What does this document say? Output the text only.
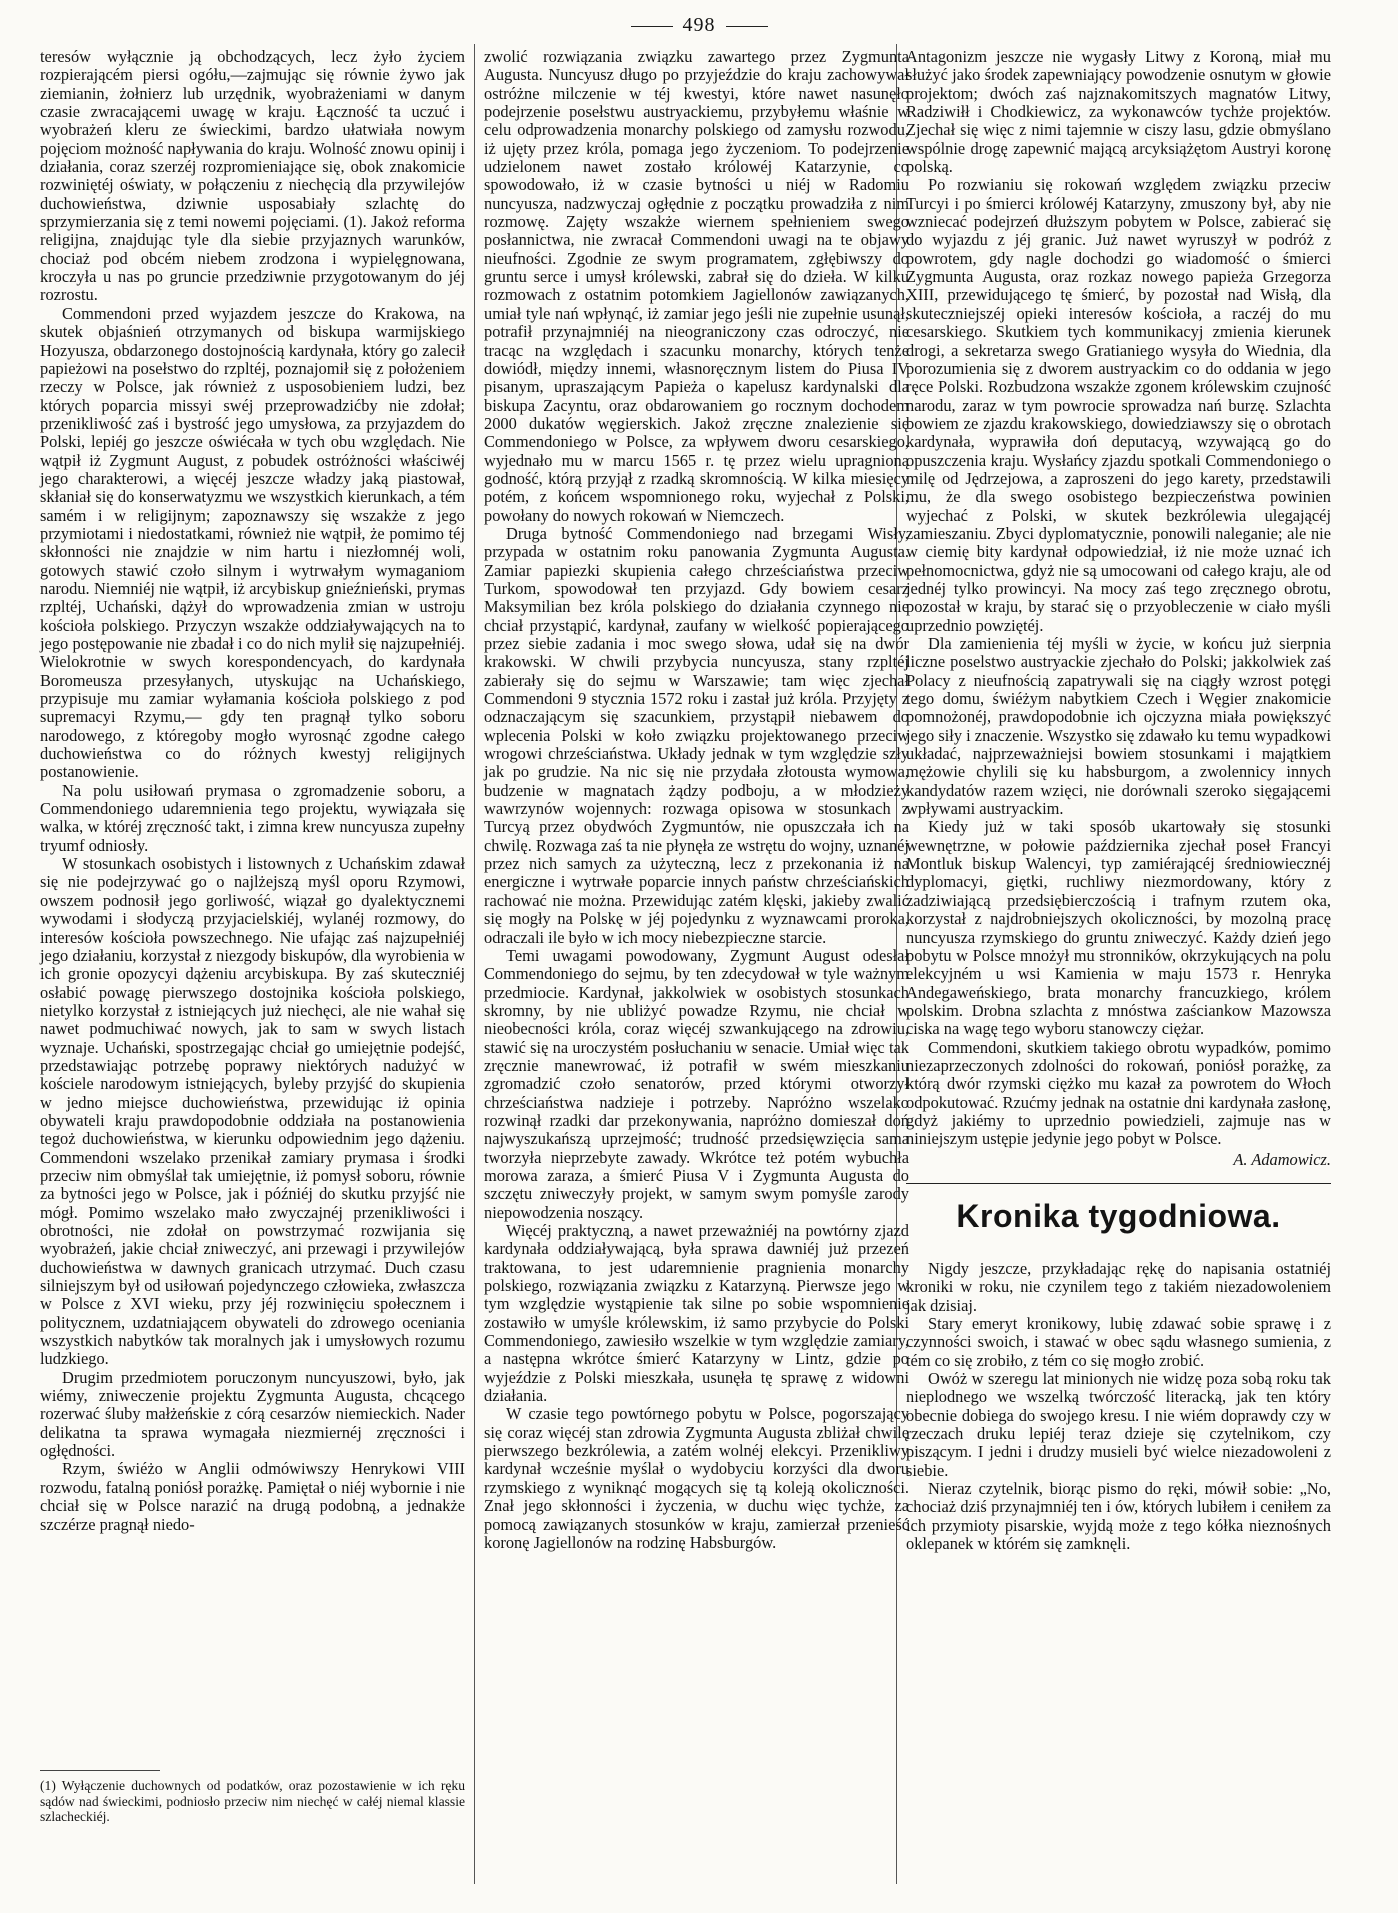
498

teresów wyłącznie ją obchodzących, lecz żyło życiem rozpierającém piersi ogółu,—zajmując się równie żywo jak ziemianin, żołnierz lub urzędnik, wyobrażeniami w danym czasie zwracającemi uwagę w kraju. Łączność ta uczuć i wyobrażeń kleru ze świeckimi, bardzo ułatwiała nowym pojęciom możność napływania do kraju. Wolność znowu opinij i działania, coraz szerzéj rozpromieniające się, obok znakomicie rozwiniętéj oświaty, w połączeniu z niechęcią dla przywilejów duchowieństwa, dziwnie usposabiały szlachtę do sprzymierzania się z temi nowemi pojęciami. (1). Jakoż reforma religijna, znajdując tyle dla siebie przyjaznych warunków, chociaż pod obcém niebem zrodzona i wypielęgnowana, kroczyła u nas po gruncie przedziwnie przygotowanym do jéj rozrostu.

Commendoni przed wyjazdem jeszcze do Krakowa, na skutek objaśnień otrzymanych od biskupa warmijskiego Hozyusza, obdarzonego dostojnością kardynała, który go zalecił papieżowi na posełstwo do rzpltéj, poznajomił się z położeniem rzeczy w Polsce, jak również z usposobieniem ludzi, bez których poparcia missyi swéj przeprowadzićby nie zdołał; przenikliwość zaś i bystrość jego umysłowa, za przyjazdem do Polski, lepiéj go jeszcze oświécała w tych obu względach. Nie wątpił iż Zygmunt August, z pobudek ostróżności właściwéj jego charakterowi, a więcéj jeszcze władzy jaką piastował, skłaniał się do konserwatyzmu we wszystkich kierunkach, a tém samém i w religijnym; zapoznawszy się wszakże z jego przymiotami i niedostatkami, również nie wątpił, że pomimo téj skłonności nie znajdzie w nim hartu i niezłomnéj woli, gotowych stawić czoło silnym i wytrwałym wymaganiom narodu. Niemniéj nie wątpił, iż arcybiskup gnieźnieński, prymas rzpltéj, Uchański, dążył do wprowadzenia zmian w ustroju kościoła polskiego. Przyczyn wszakże oddziaływających na to jego postępowanie nie zbadał i co do nich mylił się najzupełniéj. Wielokrotnie w swych korespondencyach, do kardynała Boromeusza przesyłanych, utyskując na Uchańskiego, przypisuje mu zamiar wyłamania kościoła polskiego z pod supremacyi Rzymu,— gdy ten pragnął tylko soboru narodowego, z któregoby mogło wyrosnąć zgodne całego duchowieństwa co do różnych kwestyj religijnych postanowienie.

Na polu usiłowań prymasa o zgromadzenie soboru, a Commendoniego udaremnienia tego projektu, wywiązała się walka, w któréj zręczność takt, i zimna krew nuncyusza zupełny tryumf odniosły.

W stosunkach osobistych i listownych z Uchańskim zdawał się nie podejrzywać go o najlżejszą myśl oporu Rzymowi, owszem podnosił jego gorliwość, wiązał go dyalektycznemi wywodami i słodyczą przyjacielskiéj, wylanéj rozmowy, do interesów kościoła powszechnego. Nie ufając zaś najzupełniéj jego działaniu, korzystał z niezgody biskupów, dla wyrobienia w ich gronie opozycyi dążeniu arcybiskupa. By zaś skuteczniéj osłabić powagę pierwszego dostojnika kościoła polskiego, nietylko korzystał z istniejących już niechęci, ale nie wahał się nawet podmuchiwać nowych, jak to sam w swych listach wyznaje. Uchański, spostrzegając chciał go umiejętnie podejść, przedstawiając potrzebę poprawy niektórych nadużyć w kościele narodowym istniejących, byleby przyjść do skupienia w jedno miejsce duchowieństwa, przewidując iż opinia obywateli kraju prawdopodobnie oddziała na postanowienia tegoż duchowieństwa, w kierunku odpowiednim jego dążeniu. Commendoni wszelako przenikał zamiary prymasa i środki przeciw nim obmyślał tak umiejętnie, iż pomysł soboru, równie za bytności jego w Polsce, jak i późniéj do skutku przyjść nie mógł. Pomimo wszelako mało zwyczajnéj przenikliwości i obrotności, nie zdołał on powstrzymać rozwijania się wyobrażeń, jakie chciał zniweczyć, ani przewagi i przywilejów duchowieństwa w dawnych granicach utrzymać. Duch czasu silniejszym był od usiłowań pojedynczego człowieka, zwłaszcza w Polsce z XVI wieku, przy jéj rozwinięciu społecznem i politycznem, uzdatniającem obywateli do zdrowego oceniania wszystkich nabytków tak moralnych jak i umysłowych rozumu ludzkiego.

Drugim przedmiotem poruczonym nuncyuszowi, było, jak wiémy, zniweczenie projektu Zygmunta Augusta, chcącego rozerwać śluby małżeńskie z córą cesarzów niemieckich. Nader delikatna ta sprawa wymagała niezmiernéj zręczności i ogłędności.

Rzym, świéżo w Anglii odmówiwszy Henrykowi VIII rozwodu, fatalną poniósł porażkę. Pamiętał o niéj wybornie i nie chciał się w Polsce narazić na drugą podobną, a jednakże szczérze pragnął niedo-

(1) Wyłączenie duchownych od podatków, oraz pozostawienie w ich ręku sądów nad świeckimi, podniosło przeciw nim niechęć w całéj niemal klassie szlacheckiéj.

zwolić rozwiązania związku zawartego przez Zygmunta Augusta. Nuncyusz długo po przyjeździe do kraju zachowywał ostróżne milczenie w téj kwestyi, które nawet nasunęło podejrzenie posełstwu austryackiemu, przybyłemu właśnie w celu odprowadzenia monarchy polskiego od zamysłu rozwodu, iż ujęty przez króla, pomaga jego życzeniom. To podejrzenie udzielonem nawet zostało królowéj Katarzynie, co spowodowało, iż w czasie bytności u niéj w Radomiu nuncyusza, nadzwyczaj ogłędnie z początku prowadziła z nim rozmowę. Zajęty wszakże wiernem spełnieniem swego posłannictwa, nie zwracał Commendoni uwagi na te objawy nieufności. Zgodnie ze swym programatem, zgłębiwszy do gruntu serce i umysł królewski, zabrał się do dzieła. W kilku rozmowach z ostatnim potomkiem Jagiellonów zawiązanych, umiał tyle nań wpłynąć, iż zamiar jego jeśli nie zupełnie usunął, potrafił przynajmniéj na nieograniczony czas odroczyć, nie tracąc na względach i szacunku monarchy, których tenże dowiódł, między innemi, własnoręcznym listem do Piusa IV pisanym, upraszającym Papieża o kapelusz kardynalski dla biskupa Zacyntu, oraz obdarowaniem go rocznym dochodem 2000 dukatów węgierskich. Jakoż zręczne znalezienie się Commendoniego w Polsce, za wpływem dworu cesarskiego, wyjednało mu w marcu 1565 r. tę przez wielu upragnioną godność, którą przyjął z rzadką skromnością. W kilka miesięcy potém, z końcem wspomnionego roku, wyjechał z Polski, powołany do nowych rokowań w Niemczech.

Druga bytność Commendoniego nad brzegami Wisły, przypada w ostatnim roku panowania Zygmunta Augusta. Zamiar papiezki skupienia całego chrześciaństwa przeciw Turkom, spowodował ten przyjazd. Gdy bowiem cesarz Maksymilian bez króla polskiego do działania czynnego nie chciał przystąpić, kardynał, zaufany w wielkość popierającego przez siebie zadania i moc swego słowa, udał się na dwór krakowski. W chwili przybycia nuncyusza, stany rzpltéj zabierały się do sejmu w Warszawie; tam więc zjechał Commendoni 9 stycznia 1572 roku i zastał już króla. Przyjęty z odznaczającym się szacunkiem, przystąpił niebawem do wplecenia Polski w koło związku projektowanego przeciw wrogowi chrześciaństwa. Układy jednak w tym względzie szły jak po grudzie. Na nic się nie przydała złotousta wymowa, budzenie w magnatach żądzy podboju, a w młodzieży wawrzynów wojennych: rozwaga opisowa w stosunkach z Turcyą przez obydwóch Zygmuntów, nie opuszczała ich na chwilę. Rozwaga zaś ta nie płynęła ze wstrętu do wojny, uznanéj przez nich samych za użyteczną, lecz z przekonania iż na energiczne i wytrwałe poparcie innych państw chrześciańskich rachować nie można. Przewidując zatém klęski, jakieby zwalić się mogły na Polskę w jéj pojedynku z wyznawcami proroka, odraczali ile było w ich mocy niebezpieczne starcie.

Temi uwagami powodowany, Zygmunt August odesłał Commendoniego do sejmu, by ten zdecydował w tyle ważnym przedmiocie. Kardynał, jakkolwiek w osobistych stosunkach skromny, by nie ubliżyć powadze Rzymu, nie chciał w nieobecności króla, coraz więcéj szwankującego na zdrowiu, stawić się na uroczystém posłuchaniu w senacie. Umiał więc tak zręcznie manewrować, iż potrafił w swém mieszkaniu zgromadzić czoło senatorów, przed którymi otworzył chrześciaństwa nadzieje i potrzeby. Napróżno wszelako rozwinął rzadki dar przekonywania, napróżno domieszał doń najwyszukańszą uprzejmość; trudność przedsięwzięcia sama tworzyła nieprzebyte zawady. Wkrótce też potém wybuchła morowa zaraza, a śmierć Piusa V i Zygmunta Augusta do szczętu zniweczyły projekt, w samym swym pomyśle zarody niepowodzenia noszący.

Więcéj praktyczną, a nawet przeważniéj na powtórny zjazd kardynała oddziaływającą, była sprawa dawniéj już przezeń traktowana, to jest udaremnienie pragnienia monarchy polskiego, rozwiązania związku z Katarzyną. Pierwsze jego w tym względzie wystąpienie tak silne po sobie wspomnienie zostawiło w umyśle królewskim, iż samo przybycie do Polski Commendoniego, zawiesiło wszelkie w tym względzie zamiary, a następna wkrótce śmierć Katarzyny w Lintz, gdzie po wyjeździe z Polski mieszkała, usunęła tę sprawę z widowni działania.

W czasie tego powtórnego pobytu w Polsce, pogorszający się coraz więcéj stan zdrowia Zygmunta Augusta zbliżał chwilę pierwszego bezkrólewia, a zatém wolnéj elekcyi. Przenikliwy kardynał wcześnie myślał o wydobyciu korzyści dla dworu rzymskiego z wyniknąć mogących się tą koleją okoliczności. Znał jego skłonności i życzenia, w duchu więc tychże, za pomocą zawiązanych stosunków w kraju, zamierzał przenieść koronę Jagiellonów na rodzinę Habsburgów.

Antagonizm jeszcze nie wygasły Litwy z Koroną, miał mu służyć jako środek zapewniający powodzenie osnutym w głowie projektom; dwóch zaś najznakomitszych magnatów Litwy, Radziwiłł i Chodkiewicz, za wykonawców tychże projektów. Zjechał się więc z nimi tajemnie w ciszy lasu, gdzie obmyślano wspólnie drogę zapewnić mającą arcyksiążętom Austryi koronę polską.

Po rozwianiu się rokowań względem związku przeciw Turcyi i po śmierci królowéj Katarzyny, zmuszony był, aby nie wzniecać podejrzeń dłuższym pobytem w Polsce, zabierać się do wyjazdu z jéj granic. Już nawet wyruszył w podróż z powrotem, gdy nagle dochodzi go wiadomość o śmierci Zygmunta Augusta, oraz rozkaz nowego papieża Grzegorza XIII, przewidującego tę śmierć, by pozostał nad Wisłą, dla skuteczniejszéj opieki interesów kościoła, a raczéj do mu cesarskiego. Skutkiem tych kommunikacyj zmienia kierunek drogi, a sekretarza swego Gratianiego wysyła do Wiednia, dla porozumienia się z dworem austryackim co do oddania w jego ręce Polski. Rozbudzona wszakże zgonem królewskim czujność narodu, zaraz w tym powrocie sprowadza nań burzę. Szlachta bowiem ze zjazdu krakowskiego, dowiedziawszy się o obrotach kardynała, wyprawiła doń deputacyą, wzywającą go do opuszczenia kraju. Wysłańcy zjazdu spotkali Commendoniego o milę od Jędrzejowa, a zaproszeni do jego karety, przedstawili mu, że dla swego osobistego bezpieczeństwa powinien wyjechać z Polski, w skutek bezkrólewia ulegającéj zamieszaniu. Zbyci dyplomatycznie, ponowili naleganie; ale nie w ciemię bity kardynał odpowiedział, iż nie może uznać ich pełnomocnictwa, gdyż nie są umocowani od całego kraju, ale od jednéj tylko prowincyi. Na mocy zaś tego zręcznego obrotu, pozostał w kraju, by starać się o przyobleczenie w ciało myśli uprzednio powziętéj.

Dla zamienienia téj myśli w życie, w końcu już sierpnia liczne poselstwo austryackie zjechało do Polski; jakkolwiek zaś Polacy z nieufnością zapatrywali się na ciągły wzrost potęgi tego domu, świéżym nabytkiem Czech i Węgier znakomicie pomnożonéj, prawdopodobnie ich ojczyzna miała powiększyć jego siły i znaczenie. Wszystko się zdawało ku temu wypadkowi układać, najprzeważniejsi bowiem stosunkami i majątkiem mężowie chylili się ku habsburgom, a zwolennicy innych kandydatów razem wzięci, nie dorównali szeroko sięgającemi wpływami austryackim.

Kiedy już w taki sposób ukartowały się stosunki wewnętrzne, w połowie października zjechał poseł Francyi Montluk biskup Walencyi, typ zamiérającéj średniowiecznéj dyplomacyi, giętki, ruchliwy niezmordowany, który z zadziwiającą przedsiębierczością i trafnym rzutem oka, korzystał z najdrobniejszych okoliczności, by mozolną pracę nuncyusza rzymskiego do gruntu zniweczyć. Każdy dzień jego pobytu w Polsce mnożył mu stronników, okrzykujących na polu elekcyjném u wsi Kamienia w maju 1573 r. Henryka Andegaweńskiego, brata monarchy francuzkiego, królem polskim. Drobna szlachta z mnóstwa zaściankow Mazowsza ciska na wagę tego wyboru stanowczy ciężar.

Commendoni, skutkiem takiego obrotu wypadków, pomimo niezaprzeczonych zdolności do rokowań, poniósł porażkę, za którą dwór rzymski ciężko mu kazał za powrotem do Włoch odpokutować. Rzućmy jednak na ostatnie dni kardynała zasłonę, gdyż jakiémy to uprzednio powiedzieli, zajmuje nas w niniejszym ustępie jedynie jego pobyt w Polsce.

A. Adamowicz.

Kronika tygodniowa.

Nigdy jeszcze, przykładając rękę do napisania ostatniéj kroniki w roku, nie czynilem tego z takiém niezadowoleniem jak dzisiaj.

Stary emeryt kronikowy, lubię zdawać sobie sprawę i z czynności swoich, i stawać w obec sądu własnego sumienia, z tém co się zrobiło, z tém co się mogło zrobić.

Owóż w szeregu lat minionych nie widzę poza sobą roku tak nieplodnego we wszelką twórczość literacką, jak ten który obecnie dobiega do swojego kresu. I nie wiém doprawdy czy w rzeczach druku lepiéj teraz dzieje się czytelnikom, czy piszącym. I jedni i drudzy musieli być wielce niezadowoleni z siebie.

Nieraz czytelnik, biorąc pismo do ręki, mówił sobie: „No, chociaż dziś przynajmniéj ten i ów, których lubiłem i ceniłem za ich przymioty pisarskie, wyjdą może z tego kółka nieznośnych oklepanek w którém się zamknęli.
